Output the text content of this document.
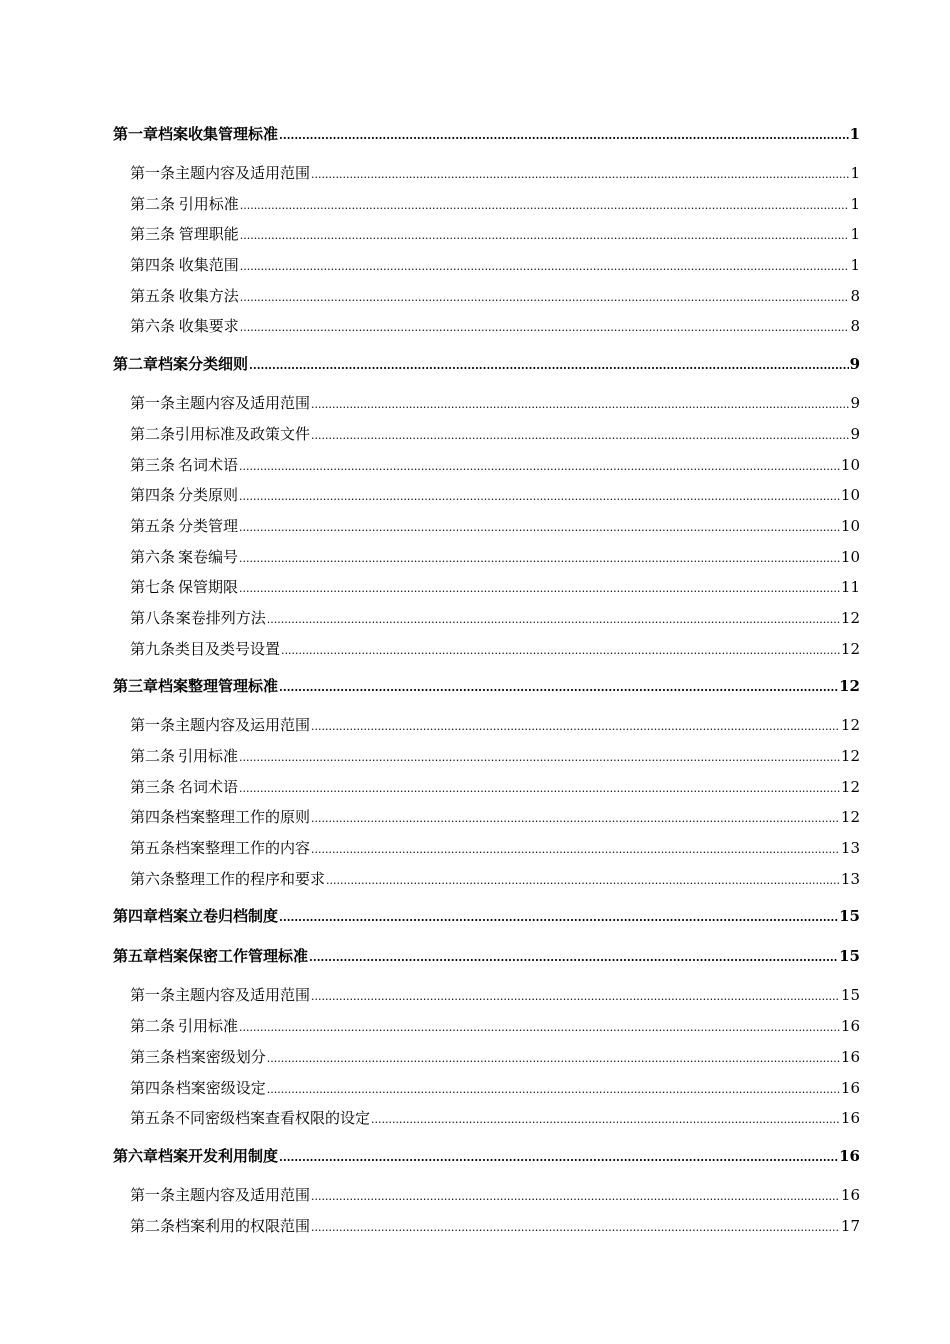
第一章 档案收集管理标准 .....	1
第一条 主题内容及适用范围 .....	1
第二条 引用标准 .....	1
第三条 管理职能 .....	1
第四条 收集范围 .....	1
第五条 收集方法 .....	8
第六条 收集要求 .....	8
第二章 档案分类细则 .....	9
第一条 主题内容及适用范围 .....	9
第二条 引用标准及政策文件 .....	9
第三条 名词术语 .....	10
第四条 分类原则 .....	10
第五条 分类管理 .....	10
第六条 案卷编号 .....	10
第七条 保管期限 .....	11
第八条 案卷排列方法 .....	12
第九条 类目及类号设置 .....	12
第三章 档案整理管理标准 .....	12
第一条 主题内容及运用范围 .....	12
第二条 引用标准 .....	12
第三条 名词术语 .....	12
第四条 档案整理工作的原则 .....	12
第五条 档案整理工作的内容 .....	13
第六条 整理工作的程序和要求 .....	13
第四章 档案立卷归档制度 .....	15
第五章 档案保密工作管理标准 .....	15
第一条 主题内容及适用范围 .....	15
第二条 引用标准 .....	16
第三条 档案密级划分 .....	16
第四条 档案密级设定 .....	16
第五条 不同密级档案查看权限的设定 .....	16
第六章 档案开发利用制度 .....	16
第一条 主题内容及适用范围 .....	16
第二条 档案利用的权限范围 .....	17
